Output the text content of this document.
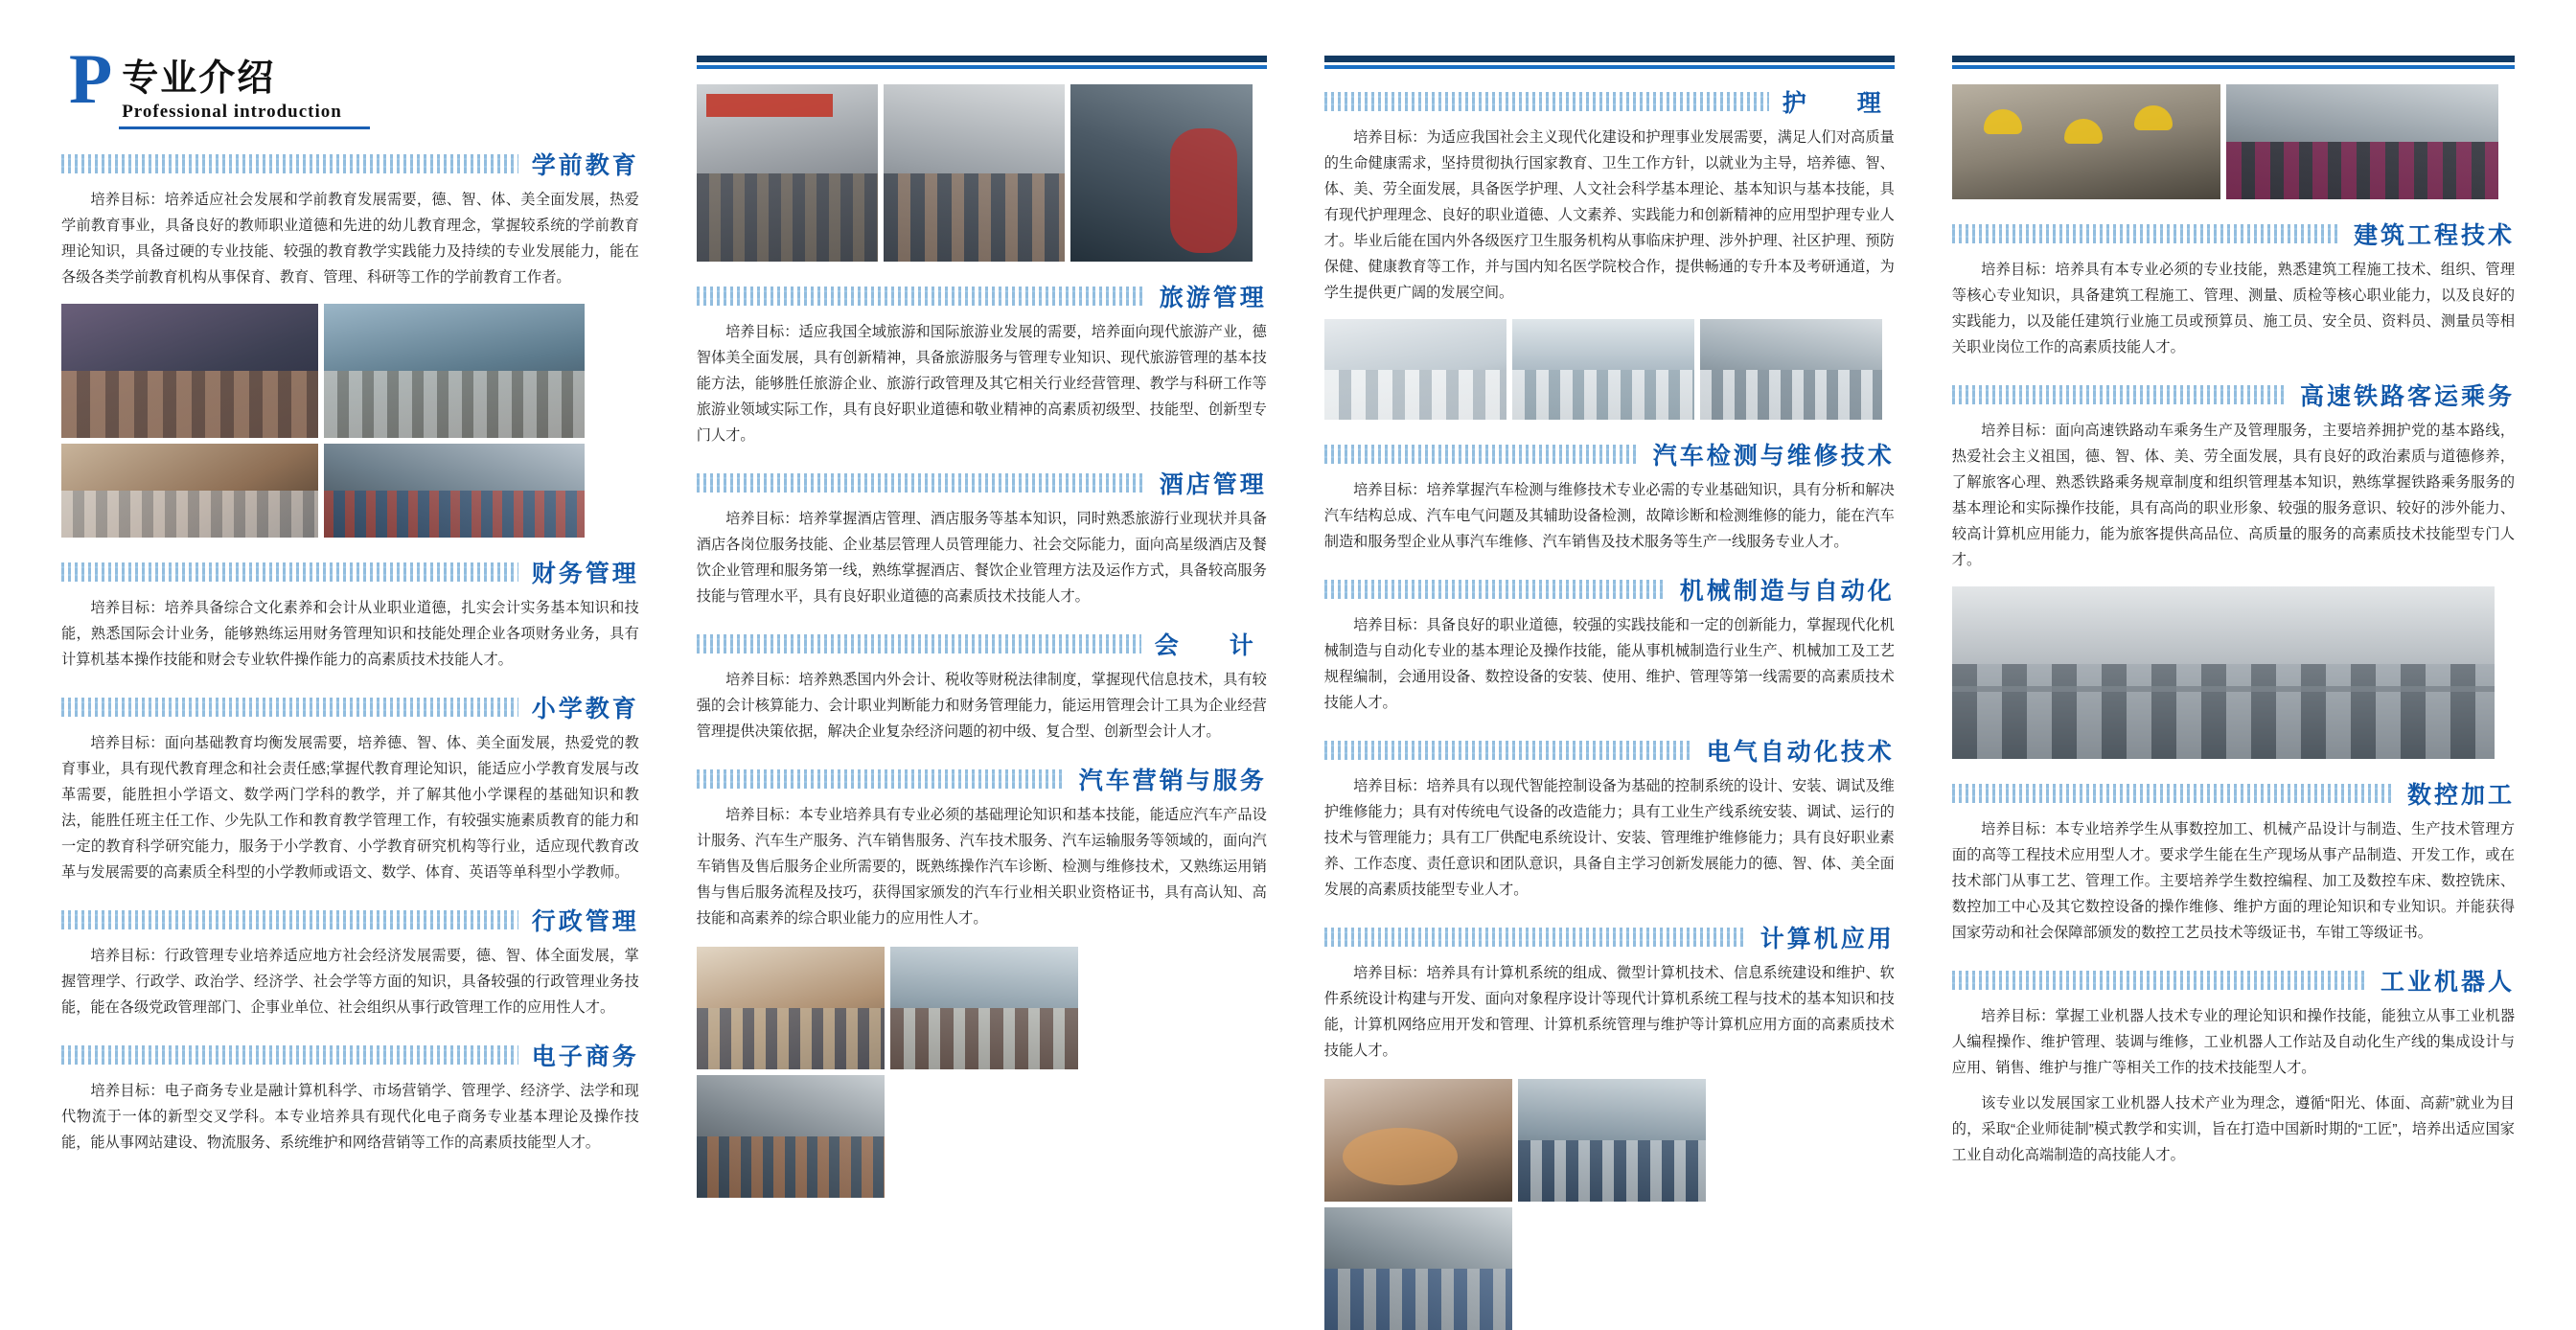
P 专业介绍
Professional introduction
学前教育
培养目标：培养适应社会发展和学前教育发展需要，德、智、体、美全面发展，热爱学前教育事业，具备良好的教师职业道德和先进的幼儿教育理念，掌握较系统的学前教育理论知识，具备过硬的专业技能、较强的教育教学实践能力及持续的专业发展能力，能在各级各类学前教育机构从事保育、教育、管理、科研等工作的学前教育工作者。
财务管理
培养目标：培养具备综合文化素养和会计从业职业道德，扎实会计实务基本知识和技能，熟悉国际会计业务，能够熟练运用财务管理知识和技能处理企业各项财务业务，具有计算机基本操作技能和财会专业软件操作能力的高素质技术技能人才。
小学教育
培养目标：面向基础教育均衡发展需要，培养德、智、体、美全面发展，热爱党的教育事业，具有现代教育理念和社会责任感;掌握代教育理论知识，能适应小学教育发展与改革需要，能胜担小学语文、数学两门学科的教学，并了解其他小学课程的基础知识和教法，能胜任班主任工作、少先队工作和教育教学管理工作，有较强实施素质教育的能力和一定的教育科学研究能力，服务于小学教育、小学教育研究机构等行业，适应现代教育改革与发展需要的高素质全科型的小学教师或语文、数学、体育、英语等单科型小学教师。
行政管理
培养目标：行政管理专业培养适应地方社会经济发展需要，德、智、体全面发展，掌握管理学、行政学、政治学、经济学、社会学等方面的知识，具备较强的行政管理业务技能，能在各级党政管理部门、企事业单位、社会组织从事行政管理工作的应用性人才。
电子商务
培养目标：电子商务专业是融计算机科学、市场营销学、管理学、经济学、法学和现代物流于一体的新型交叉学科。本专业培养具有现代化电子商务专业基本理论及操作技能，能从事网站建设、物流服务、系统维护和网络营销等工作的高素质技能型人才。
旅游管理
培养目标：适应我国全域旅游和国际旅游业发展的需要，培养面向现代旅游产业，德智体美全面发展，具有创新精神，具备旅游服务与管理专业知识、现代旅游管理的基本技能方法，能够胜任旅游企业、旅游行政管理及其它相关行业经营管理、教学与科研工作等旅游业领域实际工作，具有良好职业道德和敬业精神的高素质初级型、技能型、创新型专门人才。
酒店管理
培养目标：培养掌握酒店管理、酒店服务等基本知识，同时熟悉旅游行业现状并具备酒店各岗位服务技能、企业基层管理人员管理能力、社会交际能力，面向高星级酒店及餐饮企业管理和服务第一线，熟练掌握酒店、餐饮企业管理方法及运作方式，具备较高服务技能与管理水平，具有良好职业道德的高素质技术技能人才。
会　计
培养目标：培养熟悉国内外会计、税收等财税法律制度，掌握现代信息技术，具有较强的会计核算能力、会计职业判断能力和财务管理能力，能运用管理会计工具为企业经营管理提供决策依据，解决企业复杂经济问题的初中级、复合型、创新型会计人才。
汽车营销与服务
培养目标：本专业培养具有专业必须的基础理论知识和基本技能，能适应汽车产品设计服务、汽车生产服务、汽车销售服务、汽车技术服务、汽车运输服务等领域的，面向汽车销售及售后服务企业所需要的，既熟练操作汽车诊断、检测与维修技术，又熟练运用销售与售后服务流程及技巧，获得国家颁发的汽车行业相关职业资格证书，具有高认知、高技能和高素养的综合职业能力的应用性人才。
护　理
培养目标：为适应我国社会主义现代化建设和护理事业发展需要，满足人们对高质量的生命健康需求，坚持贯彻执行国家教育、卫生工作方针，以就业为主导，培养德、智、体、美、劳全面发展，具备医学护理、人文社会科学基本理论、基本知识与基本技能，具有现代护理理念、良好的职业道德、人文素养、实践能力和创新精神的应用型护理专业人才。毕业后能在国内外各级医疗卫生服务机构从事临床护理、涉外护理、社区护理、预防保健、健康教育等工作，并与国内知名医学院校合作，提供畅通的专升本及考研通道，为学生提供更广阔的发展空间。
汽车检测与维修技术
培养目标：培养掌握汽车检测与维修技术专业必需的专业基础知识，具有分析和解决汽车结构总成、汽车电气问题及其辅助设备检测，故障诊断和检测维修的能力，能在汽车制造和服务型企业从事汽车维修、汽车销售及技术服务等生产一线服务专业人才。
机械制造与自动化
培养目标：具备良好的职业道德，较强的实践技能和一定的创新能力，掌握现代化机械制造与自动化专业的基本理论及操作技能，能从事机械制造行业生产、机械加工及工艺规程编制，会通用设备、数控设备的安装、使用、维护、管理等第一线需要的高素质技术技能人才。
电气自动化技术
培养目标：培养具有以现代智能控制设备为基础的控制系统的设计、安装、调试及维护维修能力；具有对传统电气设备的改造能力；具有工业生产线系统安装、调试、运行的技术与管理能力；具有工厂供配电系统设计、安装、管理维护维修能力；具有良好职业素养、工作态度、责任意识和团队意识，具备自主学习创新发展能力的德、智、体、美全面发展的高素质技能型专业人才。
计算机应用
培养目标：培养具有计算机系统的组成、微型计算机技术、信息系统建设和维护、软件系统设计构建与开发、面向对象程序设计等现代计算机系统工程与技术的基本知识和技能，计算机网络应用开发和管理、计算机系统管理与维护等计算机应用方面的高素质技术技能人才。
建筑工程技术
培养目标：培养具有本专业必须的专业技能，熟悉建筑工程施工技术、组织、管理等核心专业知识，具备建筑工程施工、管理、测量、质检等核心职业能力，以及良好的实践能力，以及能任建筑行业施工员或预算员、施工员、安全员、资料员、测量员等相关职业岗位工作的高素质技能人才。
高速铁路客运乘务
培养目标：面向高速铁路动车乘务生产及管理服务，主要培养拥护党的基本路线，热爱社会主义祖国，德、智、体、美、劳全面发展，具有良好的政治素质与道德修养，了解旅客心理、熟悉铁路乘务规章制度和组织管理基本知识，熟练掌握铁路乘务服务的基本理论和实际操作技能，具有高尚的职业形象、较强的服务意识、较好的涉外能力、较高计算机应用能力，能为旅客提供高品位、高质量的服务的高素质技术技能型专门人才。
数控加工
培养目标：本专业培养学生从事数控加工、机械产品设计与制造、生产技术管理方面的高等工程技术应用型人才。要求学生能在生产现场从事产品制造、开发工作，或在技术部门从事工艺、管理工作。主要培养学生数控编程、加工及数控车床、数控铣床、数控加工中心及其它数控设备的操作维修、维护方面的理论知识和专业知识。并能获得国家劳动和社会保障部颁发的数控工艺员技术等级证书，车钳工等级证书。
工业机器人
培养目标：掌握工业机器人技术专业的理论知识和操作技能，能独立从事工业机器人编程操作、维护管理、装调与维修，工业机器人工作站及自动化生产线的集成设计与应用、销售、维护与推广等相关工作的技术技能型人才。
该专业以发展国家工业机器人技术产业为理念，遵循“阳光、体面、高薪”就业为目的，采取“企业师徒制”模式教学和实训，旨在打造中国新时期的“工匠”，培养出适应国家工业自动化高端制造的高技能人才。
